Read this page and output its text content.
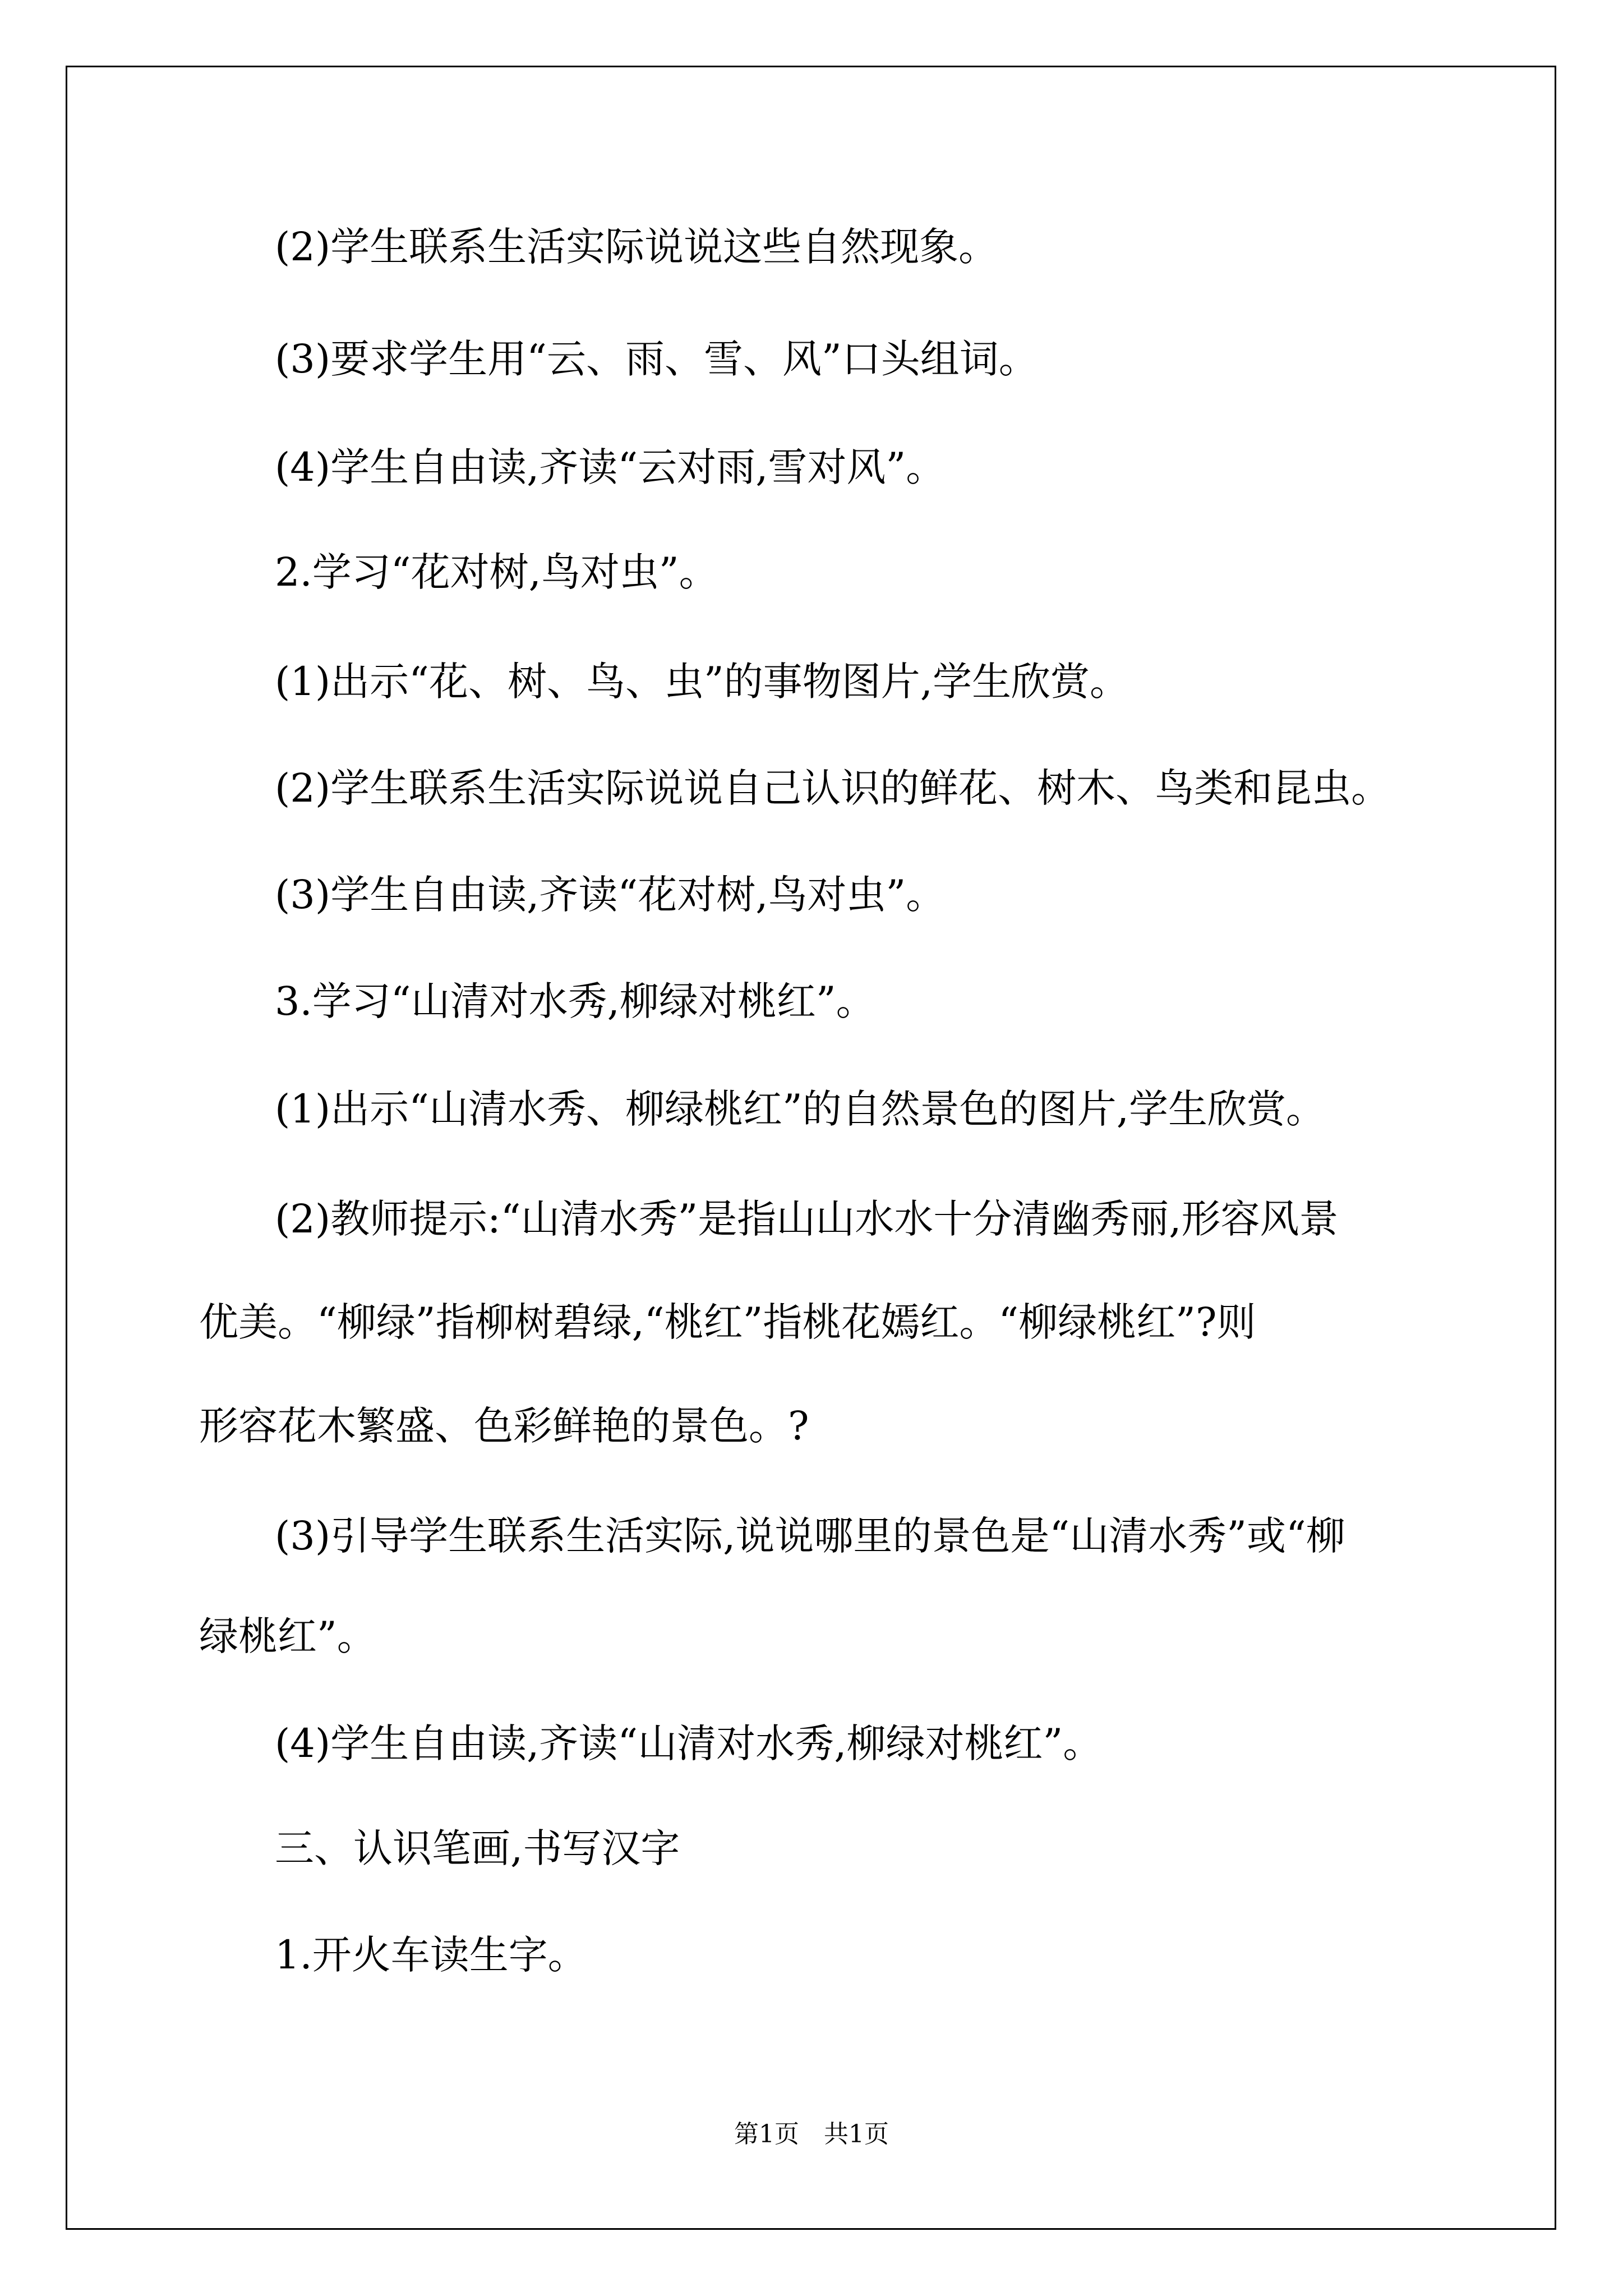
(2)学生联系生活实际说说这些自然现象。
(3)要求学生用“云、雨、雪、风”口头组词。
(4)学生自由读,齐读“云对雨,雪对风”。
2.学习“花对树,鸟对虫”。
(1)出示“花、树、鸟、虫”的事物图片,学生欣赏。
(2)学生联系生活实际说说自己认识的鲜花、树木、鸟类和昆虫。
(3)学生自由读,齐读“花对树,鸟对虫”。
3.学习“山清对水秀,柳绿对桃红”。
(1)出示“山清水秀、柳绿桃红”的自然景色的图片,学生欣赏。
(2)教师提示:“山清水秀”是指山山水水十分清幽秀丽,形容风景
优美。“柳绿”指柳树碧绿,“桃红”指桃花嫣红。“柳绿桃红”?则
形容花木繁盛、色彩鲜艳的景色。?
(3)引导学生联系生活实际,说说哪里的景色是“山清水秀”或“柳
绿桃红”。
(4)学生自由读,齐读“山清对水秀,柳绿对桃红”。
三、认识笔画,书写汉字
1.开火车读生字。
第1页　共1页
